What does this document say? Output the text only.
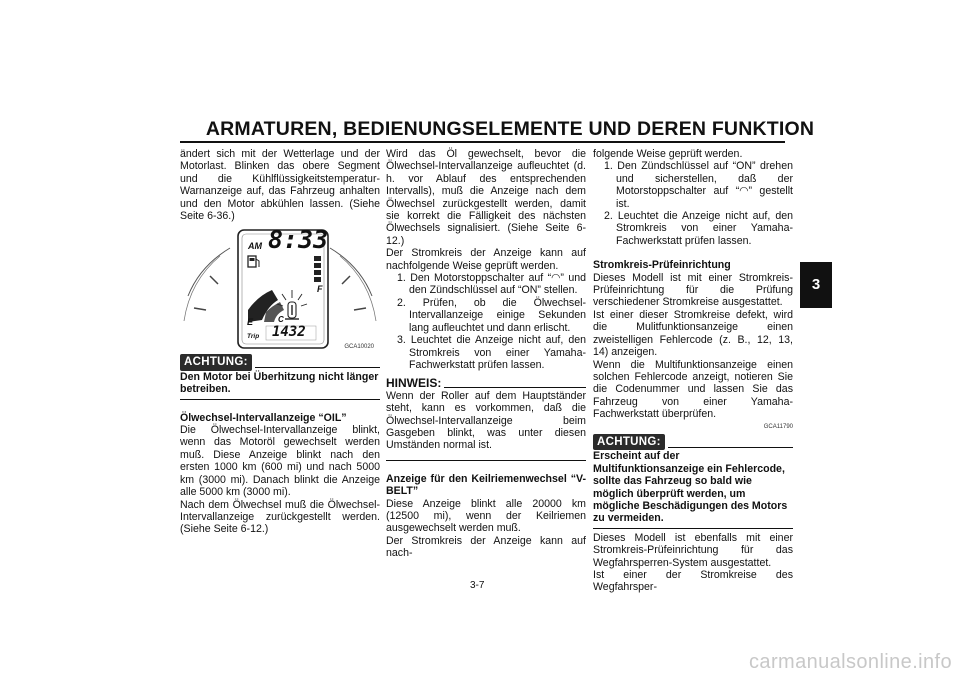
ARMATUREN, BEDIENUNGSELEMENTE UND DEREN FUNKTION
3

ändert sich mit der Wetterlage und der Motorlast. Blinken das obere Segment und die Kühlflüssigkeitstemperatur-Warnanzeige auf, das Fahrzeug anhalten und den Motor abkühlen lassen. (Siehe Seite 6-36.)

AM 8:33
F
E	C
Trip 1432
GCA10020
ACHTUNG:

Den Motor bei Überhitzung nicht länger betreiben.

Ölwechsel-Intervallanzeige “OIL”

Die Ölwechsel-Intervallanzeige blinkt, wenn das Motoröl gewechselt werden muß. Diese Anzeige blinkt nach den ersten 1000 km (600 mi) und nach 5000 km (3000 mi). Danach blinkt die Anzeige alle 5000 km (3000 mi).

Nach dem Ölwechsel muß die Ölwechsel-Intervallanzeige zurückgestellt werden. (Siehe Seite 6-12.)

Wird das Öl gewechselt, bevor die Ölwechsel-Intervallanzeige aufleuchtet (d. h. vor Ablauf des entsprechenden Intervalls), muß die Anzeige nach dem Ölwechsel zurückgestellt werden, damit sie korrekt die Fälligkeit des nächsten Ölwechsels signalisiert. (Siehe Seite 6-12.)

Der Stromkreis der Anzeige kann auf nachfolgende Weise geprüft werden.

1. Den Motorstoppschalter auf “◠” und den Zündschlüssel auf “ON” stellen.
2. Prüfen, ob die Ölwechsel-Intervallanzeige einige Sekunden lang aufleuchtet und dann erlischt.
3. Leuchtet die Anzeige nicht auf, den Stromkreis von einer Yamaha-Fachwerkstatt prüfen lassen.
HINWEIS:

Wenn der Roller auf dem Hauptständer steht, kann es vorkommen, daß die Ölwechsel-Intervallanzeige beim Gasgeben blinkt, was unter diesen Umständen normal ist.

Anzeige für den Keilriemenwechsel “V-BELT”

Diese Anzeige blinkt alle 20000 km (12500 mi), wenn der Keilriemen ausgewechselt werden muß.

Der Stromkreis der Anzeige kann auf nach-

folgende Weise geprüft werden.

1. Den Zündschlüssel auf “ON” drehen und sicherstellen, daß der Motorstoppschalter auf “◠” gestellt ist.
2. Leuchtet die Anzeige nicht auf, den Stromkreis von einer Yamaha-Fachwerkstatt prüfen lassen.

Stromkreis-Prüfeinrichtung

Dieses Modell ist mit einer Stromkreis-Prüfeinrichtung für die Prüfung verschiedener Stromkreise ausgestattet.

Ist einer dieser Stromkreise defekt, wird die Mulitfunktionsanzeige einen zweistelligen Fehlercode (z. B., 12, 13, 14) anzeigen.

Wenn die Multifunktionsanzeige einen solchen Fehlercode anzeigt, notieren Sie die Codenummer und lassen Sie das Fahrzeug von einer Yamaha-Fachwerkstatt überprüfen.

GCA11790
ACHTUNG:

Erscheint auf der Multifunktionsanzeige ein Fehlercode, sollte das Fahrzeug so bald wie möglich überprüft werden, um mögliche Beschädigungen des Motors zu vermeiden.

Dieses Modell ist ebenfalls mit einer Stromkreis-Prüfeinrichtung für das Wegfahrsperren-System ausgestattet.

Ist einer der Stromkreise des Wegfahrsper-

3-7
carmanualsonline.info
